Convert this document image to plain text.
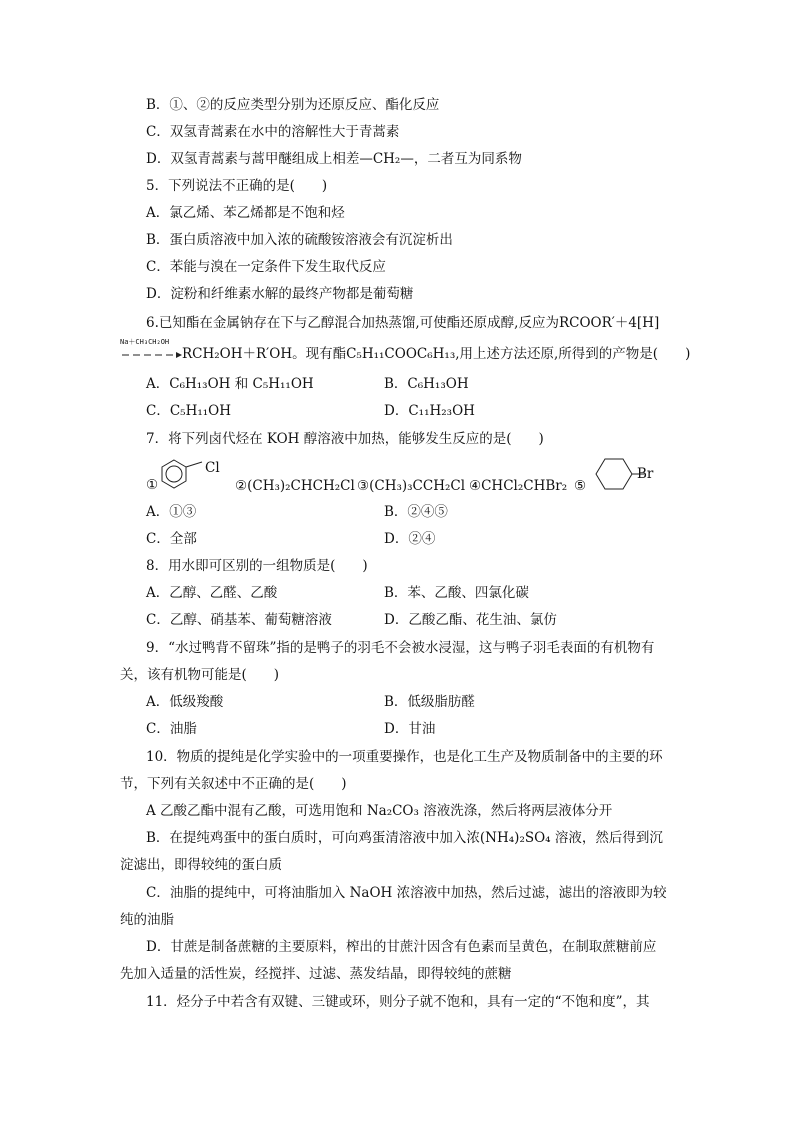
B．①、②的反应类型分别为还原反应、酯化反应
C．双氢青蒿素在水中的溶解性大于青蒿素
D．双氢青蒿素与蒿甲醚组成上相差—CH₂—，二者互为同系物
5．下列说法不正确的是(　　)
A．氯乙烯、苯乙烯都是不饱和烃
B．蛋白质溶液中加入浓的硫酸铵溶液会有沉淀析出
C．苯能与溴在一定条件下发生取代反应
D．淀粉和纤维素水解的最终产物都是葡萄糖
6.已知酯在金属钠存在下与乙醇混合加热蒸馏,可使酯还原成醇,反应为RCOOR′＋4[H]
Na＋CH₃CH₂OH
RCH₂OH＋R′OH。现有酯C₅H₁₁COOC₆H₁₃,用上述方法还原,所得到的产物是(　　)
A．C₆H₁₃OH 和 C₅H₁₁OH	B．C₆H₁₃OH
C．C₅H₁₁OH	D．C₁₁H₂₃OH
7．将下列卤代烃在 KOH 醇溶液中加热，能够发生反应的是(　　)
①
Cl
②(CH₃)₂CHCH₂Cl ③(CH₃)₃CCH₂Cl ④CHCl₂CHBr₂ ⑤
Br
A．①③	B．②④⑤
C．全部	D．②④
8．用水即可区别的一组物质是(　　)
A．乙醇、乙醛、乙酸	B．苯、乙酸、四氯化碳
C．乙醇、硝基苯、葡萄糖溶液	D．乙酸乙酯、花生油、氯仿
9．“水过鸭背不留珠”指的是鸭子的羽毛不会被水浸湿，这与鸭子羽毛表面的有机物有
关，该有机物可能是(　　)
A．低级羧酸	B．低级脂肪醛
C．油脂	D．甘油
10．物质的提纯是化学实验中的一项重要操作，也是化工生产及物质制备中的主要的环
节，下列有关叙述中不正确的是(　　)
A 乙酸乙酯中混有乙酸，可选用饱和 Na₂CO₃ 溶液洗涤，然后将两层液体分开
B．在提纯鸡蛋中的蛋白质时，可向鸡蛋清溶液中加入浓(NH₄)₂SO₄ 溶液，然后得到沉
淀滤出，即得较纯的蛋白质
C．油脂的提纯中，可将油脂加入 NaOH 浓溶液中加热，然后过滤，滤出的溶液即为较
纯的油脂
D．甘蔗是制备蔗糖的主要原料，榨出的甘蔗汁因含有色素而呈黄色，在制取蔗糖前应
先加入适量的活性炭，经搅拌、过滤、蒸发结晶，即得较纯的蔗糖
11．烃分子中若含有双键、三键或环，则分子就不饱和，具有一定的“不饱和度”，其
